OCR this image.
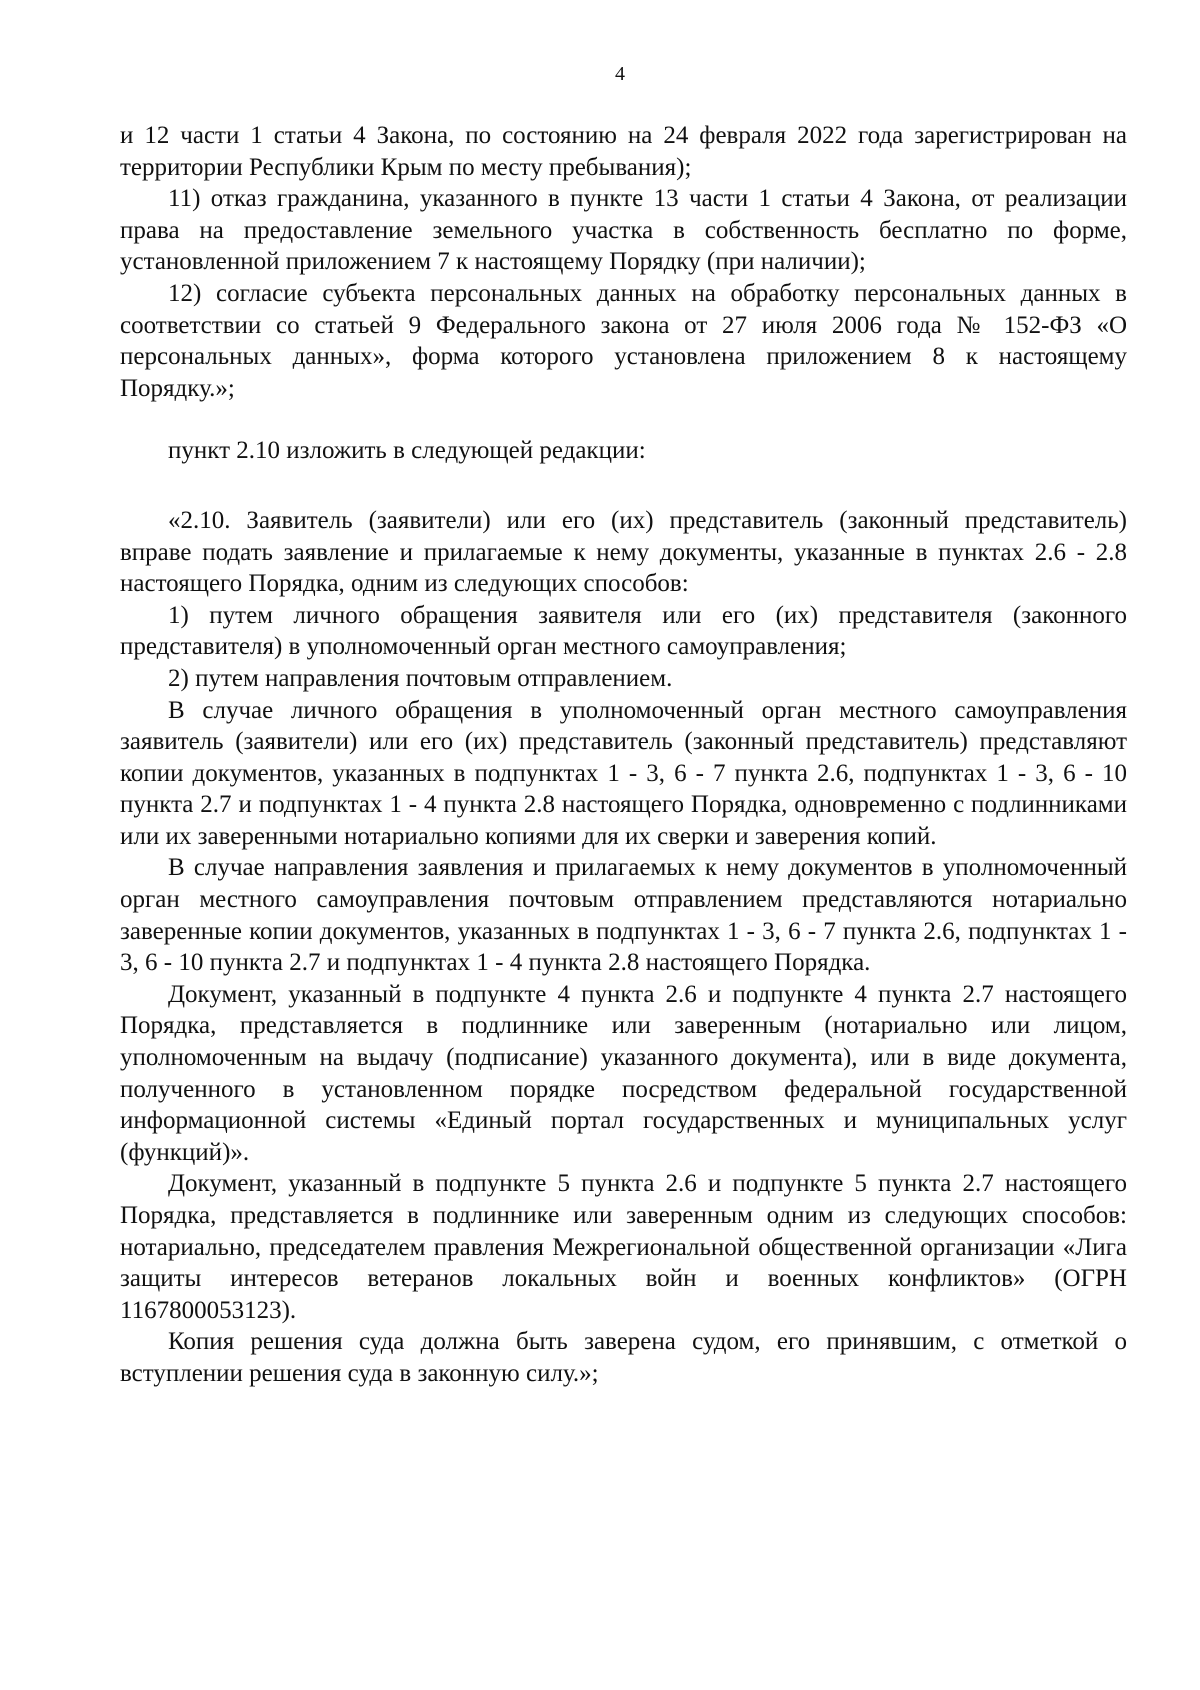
4

и 12 части 1 статьи 4 Закона, по состоянию на 24 февраля 2022 года зарегистрирован на территории Республики Крым по месту пребывания);

11) отказ гражданина, указанного в пункте 13 части 1 статьи 4 Закона, от реализации права на предоставление земельного участка в собственность бесплатно по форме, установленной приложением 7 к настоящему Порядку (при наличии);

12) согласие субъекта персональных данных на обработку персональных данных в соответствии со статьей 9 Федерального закона от 27 июля 2006 года № 152-ФЗ «О персональных данных», форма которого установлена приложением 8 к настоящему Порядку.»;

пункт 2.10 изложить в следующей редакции:

«2.10. Заявитель (заявители) или его (их) представитель (законный представитель) вправе подать заявление и прилагаемые к нему документы, указанные в пунктах 2.6 - 2.8 настоящего Порядка, одним из следующих способов:

1) путем личного обращения заявителя или его (их) представителя (законного представителя) в уполномоченный орган местного самоуправления;

2) путем направления почтовым отправлением.

В случае личного обращения в уполномоченный орган местного самоуправления заявитель (заявители) или его (их) представитель (законный представитель) представляют копии документов, указанных в подпунктах 1 - 3, 6 - 7 пункта 2.6, подпунктах 1 - 3, 6 - 10 пункта 2.7 и подпунктах 1 - 4 пункта 2.8 настоящего Порядка, одновременно с подлинниками или их заверенными нотариально копиями для их сверки и заверения копий.

В случае направления заявления и прилагаемых к нему документов в уполномоченный орган местного самоуправления почтовым отправлением представляются нотариально заверенные копии документов, указанных в подпунктах 1 - 3, 6 - 7 пункта 2.6, подпунктах 1 - 3, 6 - 10 пункта 2.7 и подпунктах 1 - 4 пункта 2.8 настоящего Порядка.

Документ, указанный в подпункте 4 пункта 2.6 и подпункте 4 пункта 2.7 настоящего Порядка, представляется в подлиннике или заверенным (нотариально или лицом, уполномоченным на выдачу (подписание) указанного документа), или в виде документа, полученного в установленном порядке посредством федеральной государственной информационной системы «Единый портал государственных и муниципальных услуг (функций)».

Документ, указанный в подпункте 5 пункта 2.6 и подпункте 5 пункта 2.7 настоящего Порядка, представляется в подлиннике или заверенным одним из следующих способов: нотариально, председателем правления Межрегиональной общественной организации «Лига защиты интересов ветеранов локальных войн и военных конфликтов» (ОГРН 1167800053123).

Копия решения суда должна быть заверена судом, его принявшим, с отметкой о вступлении решения суда в законную силу.»;
